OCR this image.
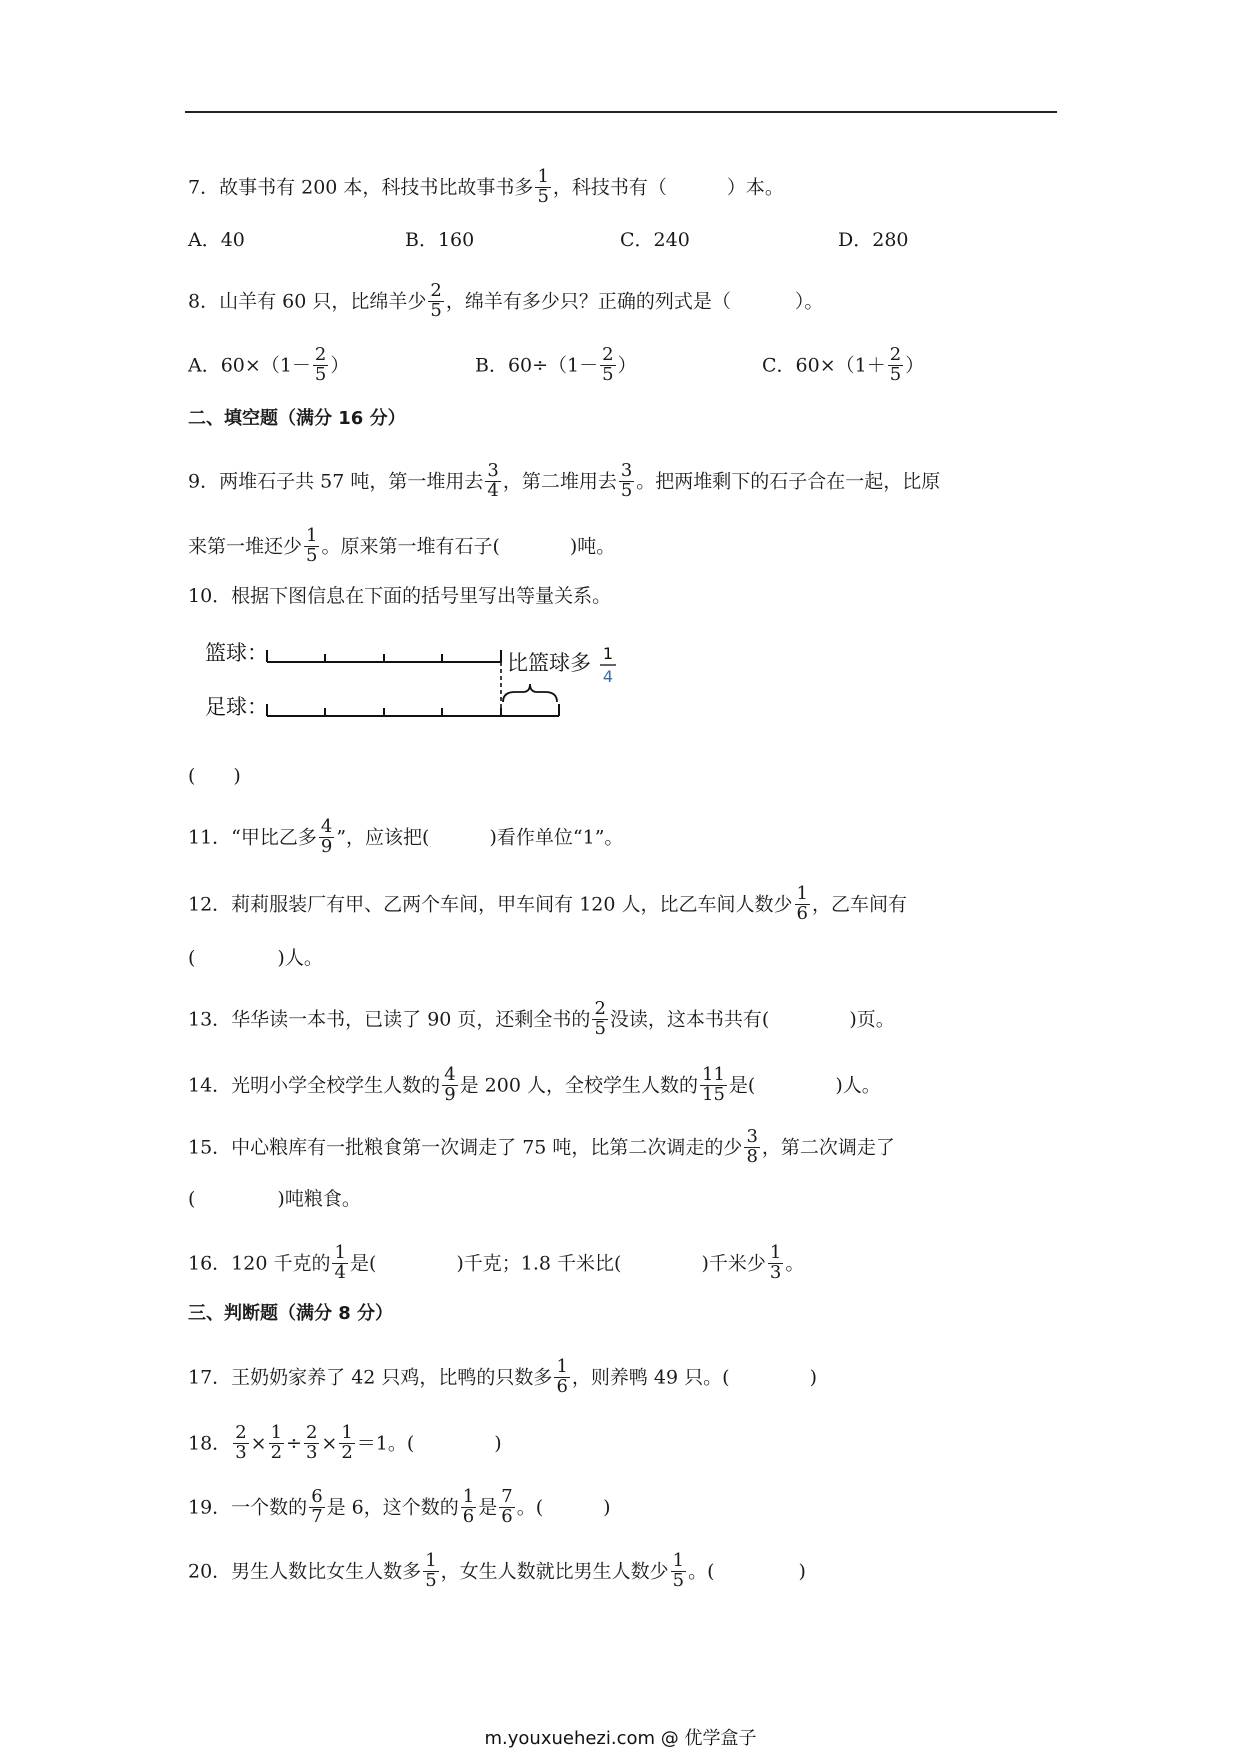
7．故事书有 200 本，科技书比故事书多 $\frac{1}{5}$ ，科技书有（	）本。
A．40	B．160	C．240	D．280
8．山羊有 60 只，比绵羊少 $\frac{2}{5}$ ，绵羊有多少只？正确的列式是（	）。
A．$60\times(1- \frac{2}{5}$ ）	B．$60\div(1- \frac{2}{5}$ ）	C．$60\times(1+ \frac{2}{5}$ ）
二、填空题（满分 16 分）
9．两堆石子共 57 吨，第一堆用去 $\frac{3}{4}$ ，第二堆用去 $\frac{3}{5}$ 。把两堆剩下的石子合在一起，比原
来第一堆还少 $\frac{1}{5}$ 。原来第一堆有石子(	)吨。
10．根据下图信息在下面的括号里写出等量关系。
篮球：
足球：
比篮球多 1
4
(　　)
11．“甲比乙多 $\frac{4}{9}$ ”，应该把(	)看作单位“1”。
12．莉莉服装厂有甲、乙两个车间，甲车间有 120 人，比乙车间人数少 $\frac{1}{6}$ ，乙车间有
(	)人。
13．华华读一本书，已读了 90 页，还剩全书的 $\frac{2}{5}$ 没读，这本书共有(	)页。
14．光明小学全校学生人数的 $\frac{4}{9}$ 是 200 人，全校学生人数的 $\frac{11}{15}$ 是(	)人。
15．中心粮库有一批粮食第一次调走了 75 吨，比第二次调走的少 $\frac{3}{8}$ ，第二次调走了
(	)吨粮食。
16．120 千克的 $\frac{1}{4}$ 是(	)千克；1.8 千米比(	)千米少 $\frac{1}{3}$ 。
三、判断题（满分 8 分）
17．王奶奶家养了 42 只鸡，比鸭的只数多 $\frac{1}{6}$ ，则养鸭 49 只。(	)
18． $\frac{2}{3} \times \frac{1}{2} \div \frac{2}{3} \times \frac{1}{2} =1$。(	)
19．一个数的 $\frac{6}{7}$ 是 6，这个数的 $\frac{1}{6}$ 是 $\frac{7}{6}$ 。(	)
20．男生人数比女生人数多 $\frac{1}{5}$ ，女生人数就比男生人数少 $\frac{1}{5}$ 。(	)
m.youxuehezi.com @ 优学盒子
